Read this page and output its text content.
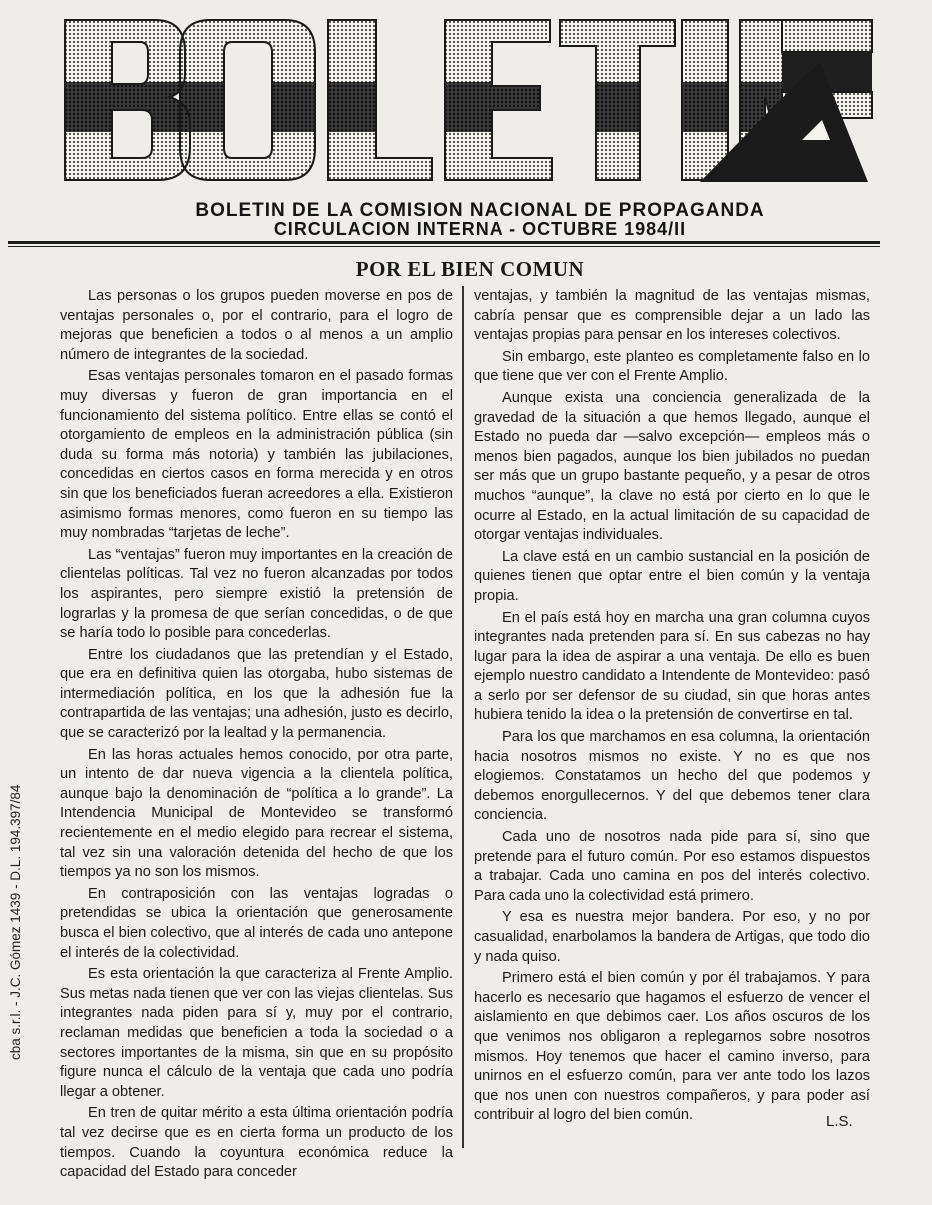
BOLETIN DE LA COMISION NACIONAL DE PROPAGANDA
CIRCULACION INTERNA - OCTUBRE 1984/II
POR EL BIEN COMUN

Las personas o los grupos pueden moverse en pos de ventajas personales o, por el contrario, para el logro de mejoras que beneficien a todos o al menos a un amplio número de integrantes de la sociedad.

Esas ventajas personales tomaron en el pasado formas muy diversas y fueron de gran importancia en el funcionamiento del sistema político. Entre ellas se contó el otorgamiento de empleos en la administración pública (sin duda su forma más notoria) y también las jubilaciones, concedidas en ciertos casos en forma merecida y en otros sin que los beneficiados fueran acreedores a ella. Existieron asimismo formas menores, como fueron en su tiempo las muy nombradas “tarjetas de leche”.

Las “ventajas” fueron muy importantes en la creación de clientelas políticas. Tal vez no fueron alcanzadas por todos los aspirantes, pero siempre existió la pretensión de lograrlas y la promesa de que serían concedidas, o de que se haría todo lo posible para concederlas.

Entre los ciudadanos que las pretendían y el Estado, que era en definitiva quien las otorgaba, hubo sistemas de intermediación política, en los que la adhesión fue la contrapartida de las ventajas; una adhesión, justo es decirlo, que se caracterizó por la lealtad y la permanencia.

En las horas actuales hemos conocido, por otra parte, un intento de dar nueva vigencia a la clientela política, aunque bajo la denominación de “política a lo grande”. La Intendencia Municipal de Montevideo se transformó recientemente en el medio elegido para recrear el sistema, tal vez sin una valoración detenida del hecho de que los tiempos ya no son los mismos.

En contraposición con las ventajas logradas o pretendidas se ubica la orientación que generosamente busca el bien colectivo, que al interés de cada uno antepone el interés de la colectividad.

Es esta orientación la que caracteriza al Frente Amplio. Sus metas nada tienen que ver con las viejas clientelas. Sus integrantes nada piden para sí y, muy por el contrario, reclaman medidas que beneficien a toda la sociedad o a sectores importantes de la misma, sin que en su propósito figure nunca el cálculo de la ventaja que cada uno podría llegar a obtener.

En tren de quitar mérito a esta última orientación podría tal vez decirse que es en cierta forma un producto de los tiempos. Cuando la coyuntura económica reduce la capacidad del Estado para conceder

ventajas, y también la magnitud de las ventajas mismas, cabría pensar que es comprensible dejar a un lado las ventajas propias para pensar en los intereses colectivos.

Sin embargo, este planteo es completamente falso en lo que tiene que ver con el Frente Amplio.

Aunque exista una conciencia generalizada de la gravedad de la situación a que hemos llegado, aunque el Estado no pueda dar —salvo excepción— empleos más o menos bien pagados, aunque los bien jubilados no puedan ser más que un grupo bastante pequeño, y a pesar de otros muchos “aunque”, la clave no está por cierto en lo que le ocurre al Estado, en la actual limitación de su capacidad de otorgar ventajas individuales.

La clave está en un cambio sustancial en la posición de quienes tienen que optar entre el bien común y la ventaja propia.

En el país está hoy en marcha una gran columna cuyos integrantes nada pretenden para sí. En sus cabezas no hay lugar para la idea de aspirar a una ventaja. De ello es buen ejemplo nuestro candidato a Intendente de Montevideo: pasó a serlo por ser defensor de su ciudad, sin que horas antes hubiera tenido la idea o la pretensión de convertirse en tal.

Para los que marchamos en esa columna, la orientación hacia nosotros mismos no existe. Y no es que nos elogiemos. Constatamos un hecho del que podemos y debemos enorgullecernos. Y del que debemos tener clara conciencia.

Cada uno de nosotros nada pide para sí, sino que pretende para el futuro común. Por eso estamos dispuestos a trabajar. Cada uno camina en pos del interés colectivo. Para cada uno la colectividad está primero.

Y esa es nuestra mejor bandera. Por eso, y no por casualidad, enarbolamos la bandera de Artigas, que todo dio y nada quiso.

Primero está el bien común y por él trabajamos. Y para hacerlo es necesario que hagamos el esfuerzo de vencer el aislamiento en que debimos caer. Los años oscuros de los que venimos nos obligaron a replegarnos sobre nosotros mismos. Hoy tenemos que hacer el camino inverso, para unirnos en el esfuerzo común, para ver ante todo los lazos que nos unen con nuestros compañeros, y para poder así contribuir al logro del bien común.	L.S.
cba s.r.l. - J.C. Gómez 1439 - D.L. 194.397/84
